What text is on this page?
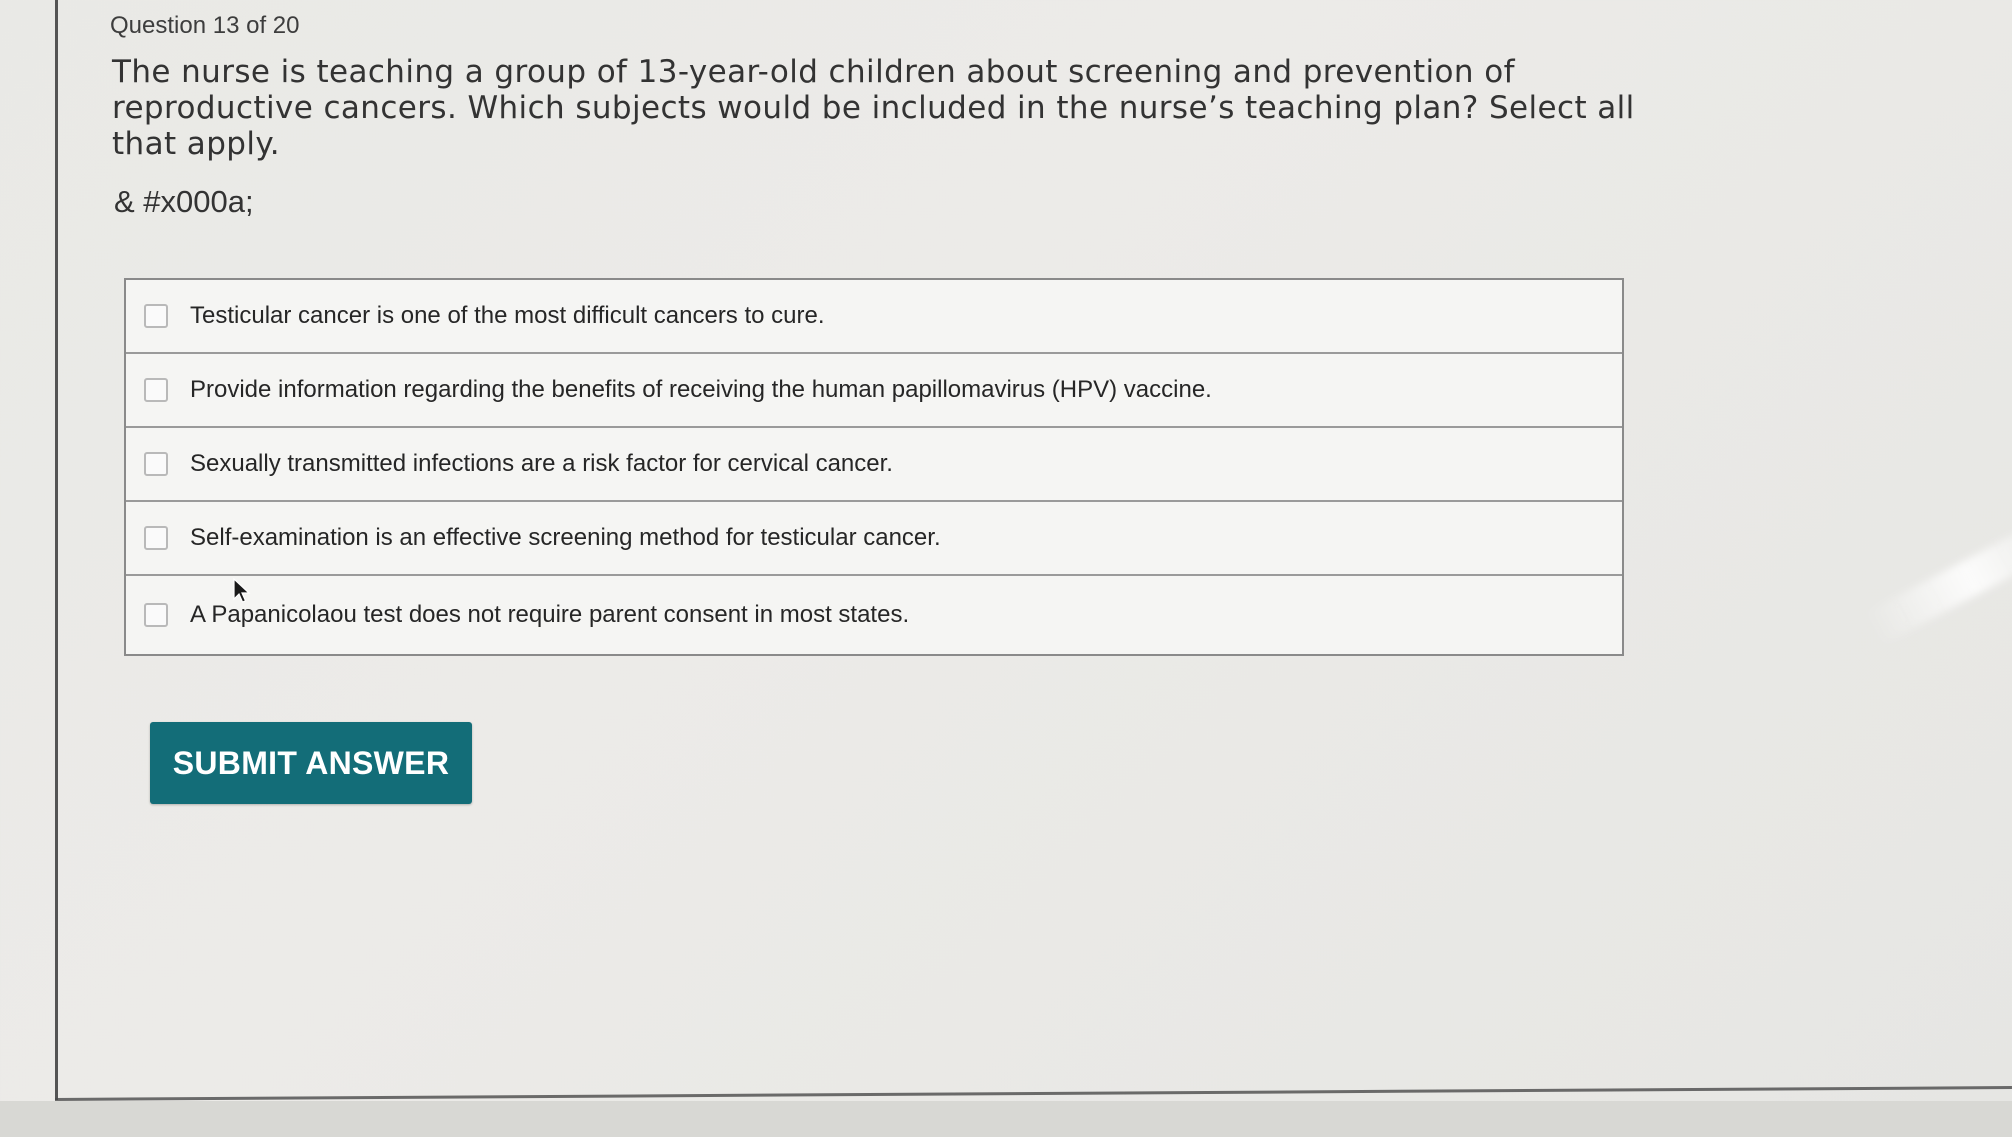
Question 13 of 20
The nurse is teaching a group of 13-year-old children about screening and prevention of reproductive cancers. Which subjects would be included in the nurse’s teaching plan? Select all that apply.
& #x000a;
Testicular cancer is one of the most difficult cancers to cure.
Provide information regarding the benefits of receiving the human papillomavirus (HPV) vaccine.
Sexually transmitted infections are a risk factor for cervical cancer.
Self-examination is an effective screening method for testicular cancer.
A Papanicolaou test does not require parent consent in most states.
SUBMIT ANSWER
